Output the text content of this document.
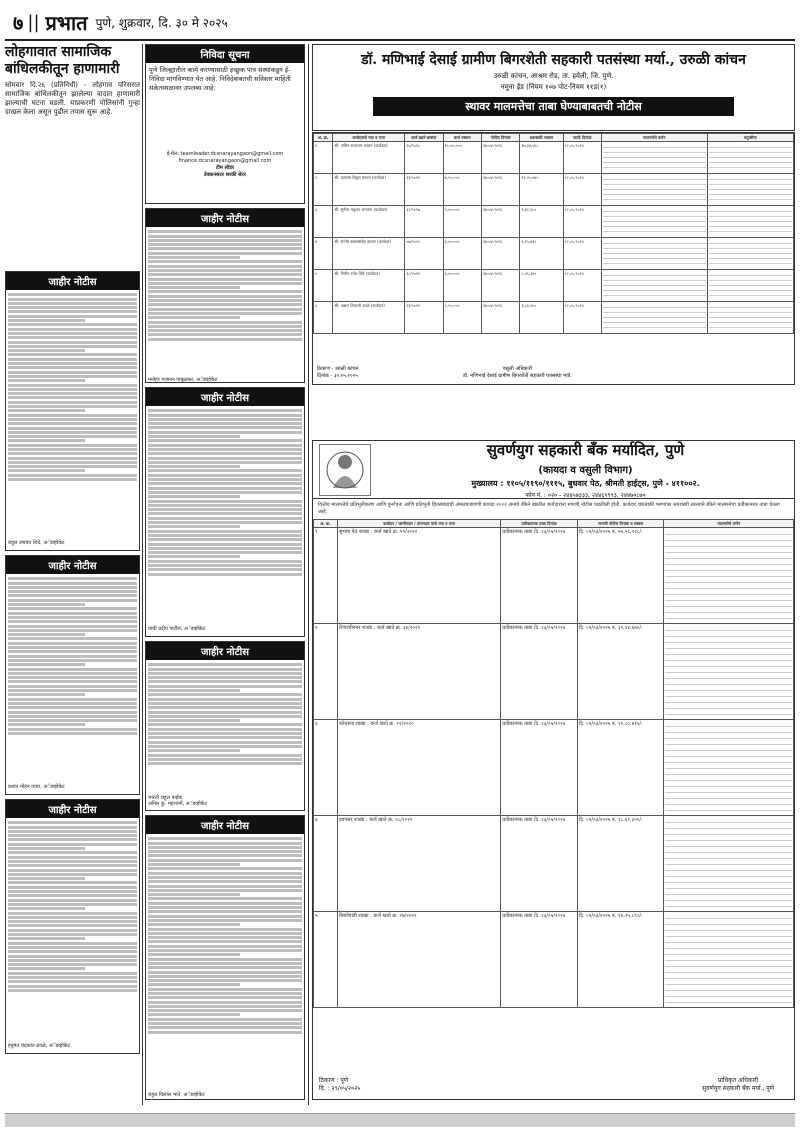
७ || प्रभात पुणे, शुक्रवार, दि. ३० मे २०२५
लोहगावात सामाजिक बांधिलकीतून हाणामारी
सोमवार दि.२६ (प्रतिनिधी) - लोहगाव परिसरात सामाजिक बांधिलकीतून झालेल्या वादात हाणामारी झाल्याची घटना घडली. याप्रकरणी पोलिसांनी गुन्हा दाखल केला असून पुढील तपास सुरू आहे.
जाहीर नोटीस
राहुल जयवंत शिंदे, अॅडव्होकेट
जाहीर नोटीस
प्रशांत मोहन पवार, अॅडव्होकेट
जाहीर नोटीस
हनुमंत चंद्रकांत ढवळे, अॅडव्होकेट
निविदा सूचना
पुणे जिल्ह्यातील कामे करण्यासाठी इच्छुक पात्र संस्थांकडून ई-निविदा मागविण्यात येत आहे. निविदेबाबतची सविस्तर माहिती संकेतस्थळावर उपलब्ध आहे.
ई-मेल: teamleader.dcsnarayangaon@gmail.com
finance.dcsnarayangaon@gmail.com
टीम लीडर
डेक्कनसटर सरकी सेंटर
जाहीर नोटीस
मनोहर गजानन पाबुळकर, अॅडव्होकेट
जाहीर नोटीस
प्राची प्रदीप पाटील, अॅडव्होकेट
जाहीर नोटीस
भारती राहुल नाईक
अनिल कु. महाजनी, अॅडव्होकेट
जाहीर नोटीस
राहुल विलास भाते, अॅडव्होकेट
डॉ. मणिभाई देसाई ग्रामीण बिगरशेती सहकारी पतसंस्था मर्या., उरुळी कांचन
उरुळी कांचन, आश्रम रोड, ता. हवेली, जि. पुणे.
नमुना ईड (नियम १०७ पोट-नियम ११ड(१)
स्थावर मालमत्तेचा ताबा घेण्याबाबतची नोटीस
अ. क्र.	कर्जदाराचे नाव व पत्ता	कर्ज खाते क्रमांक	कर्ज रक्कम	नोटीस दिनांक	थकबाकी रक्कम	जप्ती दिनांक	मालमत्तेचे वर्णन	चतुःसीमा
१	श्री. अमित राजाराम कांचन (कर्जदार)	२५/२०१८	१०,००,०००	१७.०४.२०२५	१७,३३,५६८	२२.०५.२०२५	

२	श्री. दत्तात्रय विठ्ठल कांचन (कर्जदार)	११/२०१९	७,५०,०००	१७.०४.२०२५	११,२०,४४०	२२.०५.२०२५	

३	श्री. सुनील मधुकर जगताप (कर्जदार)	३२/२०१७	५,००,०००	१७.०४.२०२५	९,४२,१८०	२२.०५.२०२५	

४	श्री. संतोष बाळासाहेब कांचन (कर्जदार)	०७/२०२०	४,००,०००	१७.०४.२०२५	६,२५,७१०	२२.०५.२०२५	

५	श्री. नितीन रमेश शिंदे (कर्जदार)	१८/२०१९	३,००,०००	१७.०४.२०२५	५,०९,३४०	२२.०५.२०२५	

६	श्री. अक्षय शिवाजी काळे (कर्जदार)	२१/२०२१	२,५०,०००	१७.०४.२०२५	३,८४,९००	२२.०५.२०२५	

ठिकाण - उरुळी कांचन
दिनांक - ३०.०५.२०२५
वसुली अधिकारी
डॉ. मणिभाई देसाई ग्रामीण बिगरशेती सहकारी पतसंस्था मर्या.
सुवर्णयुग सहकारी बँक मर्यादित, पुणे
(कायदा व वसुली विभाग)
मुख्यालय : ११०५/११९०/१११५, बुधवार पेठ, श्रीमती हाईट्स, पुणे - ४११००२.
फोन नं. : ०२० - २४४५७३३३, २४४६९९९३, २४४७०८७०
वित्तीय मालमत्तेचे प्रतिभूतीकरण आणि पुनर्रचना आणि प्रतिभूती हितसंबंधाची अंमलबजावणी कायदा २००२ अन्वये बँकेने खालील कर्जदारांना मागणी नोटीस पाठविली होती. कर्जदार थकबाकी भरण्यास अयशस्वी ठरल्याने बँकेने मालमत्तेचा प्रतीकात्मक ताबा घेतला आहे.
अ. क्र.	कर्जदार / जामीनदार / तारणदार यांचे नाव व पत्ता	प्रतीकात्मक ताबा दिनांक	मागणी नोटीस दिनांक व रक्कम	मालमत्तेचे वर्णन
१	सुभाष पेठ शाखा : कर्ज खाते क्र. ५९/२०२२	प्रतीकात्मक ताबा दि. २३/०५/२०२५	दि. ०५/०३/२०२५ रु. ५५,५८,९२८/-	

२	शिवाजीनगर शाखा : कर्ज खाते क्र. ३४/२०२१	प्रतीकात्मक ताबा दि. २३/०५/२०२५	दि. ०५/०३/२०२५ रु. ३२,१४,६७०/-	

३	कोथरूड शाखा : कर्ज खाते क्र. १२/२०२०	प्रतीकात्मक ताबा दि. २३/०५/२०२५	दि. ०५/०३/२०२५ रु. २१,८०,४१५/-	

४	हडपसर शाखा : कर्ज खाते क्र. ०८/२०१९	प्रतीकात्मक ताबा दि. २३/०५/२०२५	दि. ०५/०३/२०२५ रु. १८,६२,३००/-	

५	बिबवेवाडी शाखा : कर्ज खाते क्र. २७/२०२२	प्रतीकात्मक ताबा दि. २३/०५/२०२५	दि. ०५/०३/२०२५ रु. १४,२५,८९०/-	
ठिकाण : पुणे
दि. : २९/०५/२०२५
प्राधिकृत अधिकारी
सुवर्णयुग सहकारी बँक मर्या., पुणे
